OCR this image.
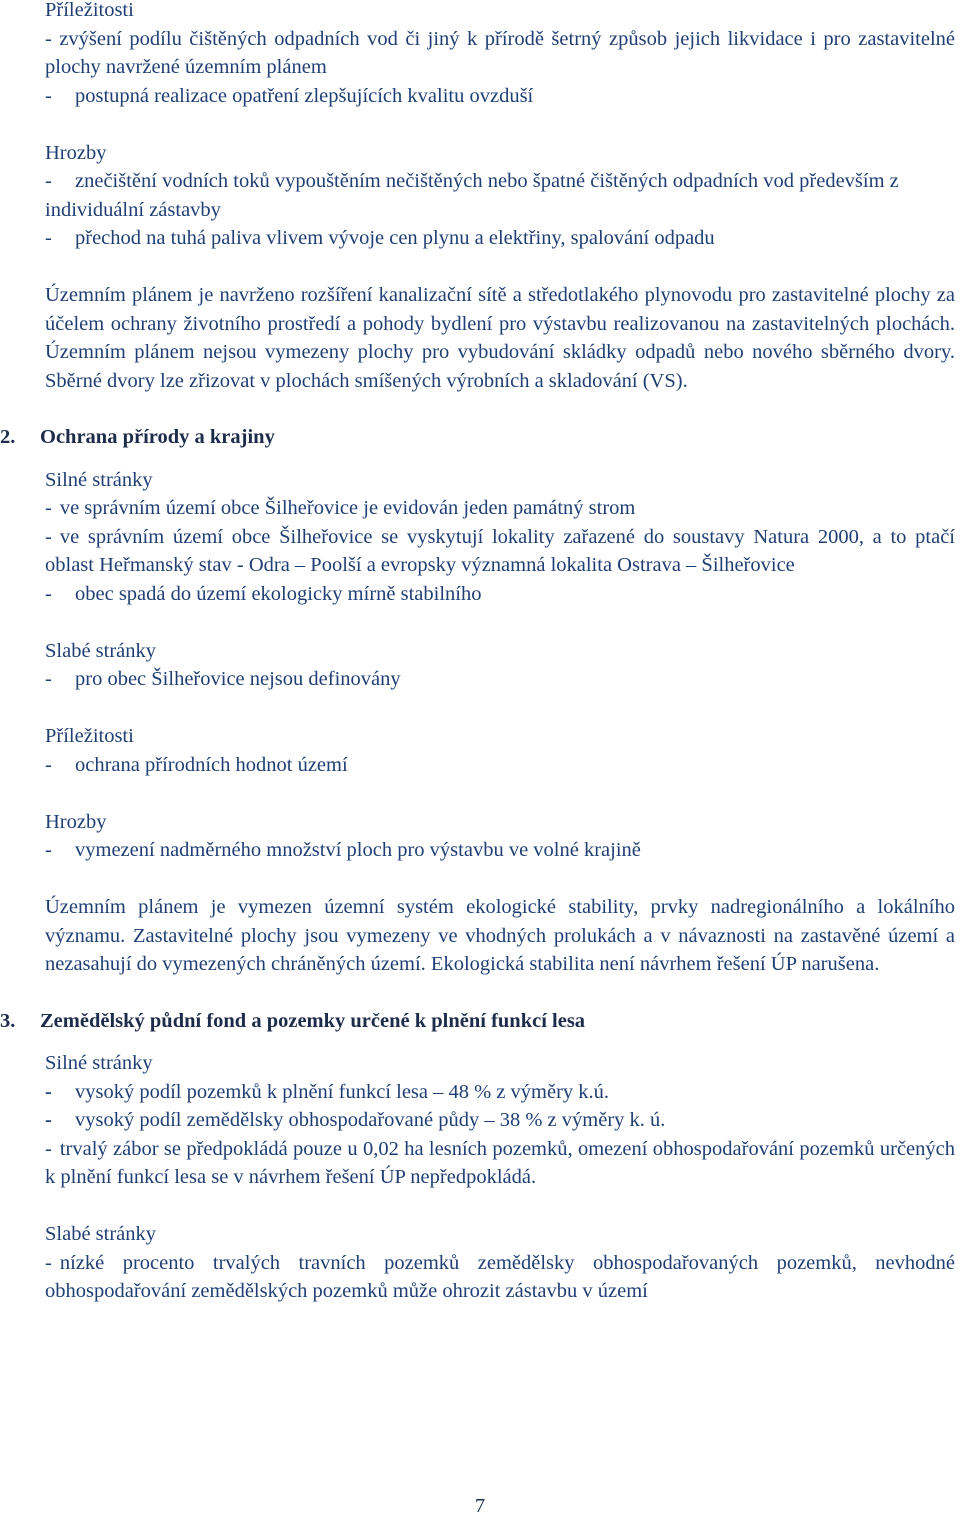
Příležitosti

- zvýšení podílu čištěných odpadních vod či jiný k přírodě šetrný způsob jejich likvidace i pro zastavitelné plochy navržené územním plánem

- postupná realizace opatření zlepšujících kvalitu ovzduší

Hrozby

- znečištění vodních toků vypouštěním nečištěných nebo špatné čištěných odpadních vod především z individuální zástavby

- přechod na tuhá paliva vlivem vývoje cen plynu a elektřiny, spalování odpadu

Územním plánem je navrženo rozšíření kanalizační sítě a středotlakého plynovodu pro zastavitelné plochy za účelem ochrany životního prostředí a pohody bydlení pro výstavbu realizovanou na zastavitelných plochách. Územním plánem nejsou vymezeny plochy pro vybudování skládky odpadů nebo nového sběrného dvory. Sběrné dvory lze zřizovat v plochách smíšených výrobních a skladování (VS).

2. Ochrana přírody a krajiny

Silné stránky

- ve správním území obce Šilheřovice je evidován jeden památný strom

- ve správním území obce Šilheřovice se vyskytují lokality zařazené do soustavy Natura 2000, a to ptačí oblast Heřmanský stav - Odra – Poolší a evropsky významná lokalita Ostrava – Šilheřovice

- obec spadá do území ekologicky mírně stabilního

Slabé stránky

- pro obec Šilheřovice nejsou definovány

Příležitosti

- ochrana přírodních hodnot území

Hrozby

- vymezení nadměrného množství ploch pro výstavbu ve volné krajině

Územním plánem je vymezen územní systém ekologické stability, prvky nadregionálního a lokálního významu. Zastavitelné plochy jsou vymezeny ve vhodných prolukách a v návaznosti na zastavěné území a nezasahují do vymezených chráněných území. Ekologická stabilita není návrhem řešení ÚP narušena.

3. Zemědělský půdní fond a pozemky určené k plnění funkcí lesa

Silné stránky

- vysoký podíl pozemků k plnění funkcí lesa – 48 % z výměry k.ú.

- vysoký podíl zemědělsky obhospodařované půdy – 38 % z výměry k. ú.

- trvalý zábor se předpokládá pouze u 0,02 ha lesních pozemků, omezení obhospodařování pozemků určených k plnění funkcí lesa se v návrhem řešení ÚP nepředpokládá.

Slabé stránky

- nízké procento trvalých travních pozemků zemědělsky obhospodařovaných pozemků, nevhodné obhospodařování zemědělských pozemků může ohrozit zástavbu v území

7
